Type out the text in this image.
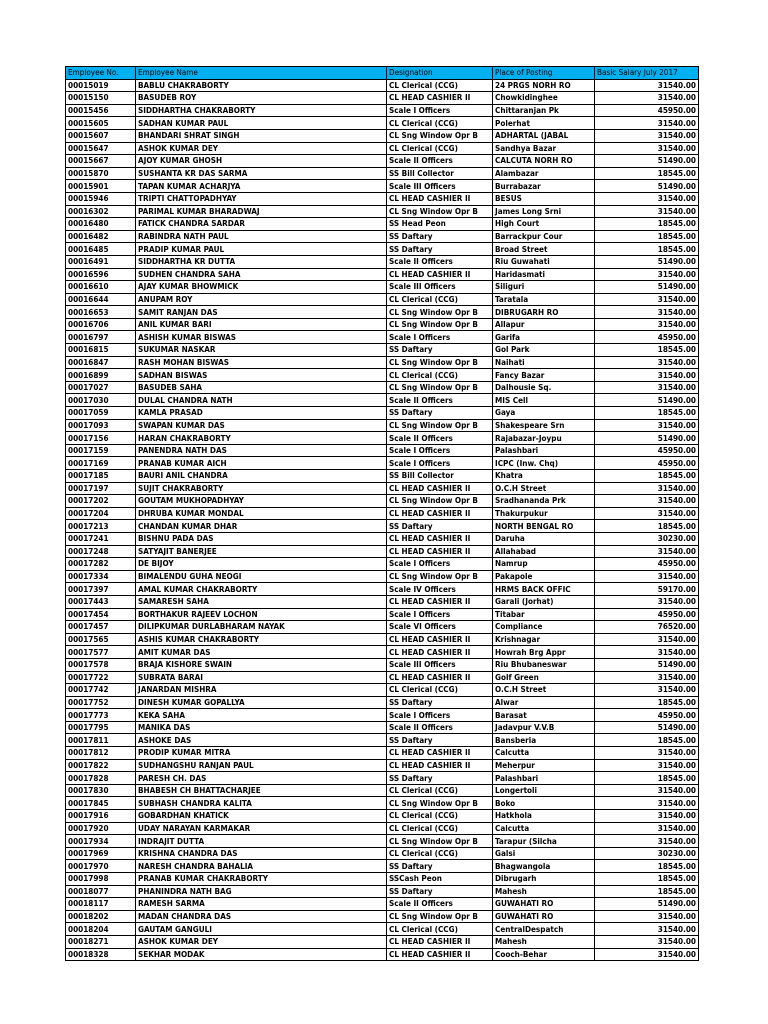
Employee No.	Employee Name	Designation	Place of Posting	Basic Salary July 2017
00015019	BABLU CHAKRABORTY	CL Clerical (CCG)	24 PRGS NORH RO	31540.00
00015150	BASUDEB ROY	CL HEAD CASHIER II	Chowkidinghee	31540.00
00015456	SIDDHARTHA CHAKRABORTY	Scale I Officers	Chittaranjan Pk	45950.00
00015605	SADHAN KUMAR PAUL	CL Clerical (CCG)	Polerhat	31540.00
00015607	BHANDARI SHRAT SINGH	CL Sng Window Opr B	ADHARTAL (JABAL	31540.00
00015647	ASHOK KUMAR DEY	CL Clerical (CCG)	Sandhya Bazar	31540.00
00015667	AJOY KUMAR GHOSH	Scale II Officers	CALCUTA NORH RO	51490.00
00015870	SUSHANTA KR DAS SARMA	SS Bill Collector	Alambazar	18545.00
00015901	TAPAN KUMAR ACHARJYA	Scale III Officers	Burrabazar	51490.00
00015946	TRIPTI CHATTOPADHYAY	CL HEAD CASHIER II	BESUS	31540.00
00016302	PARIMAL KUMAR BHARADWAJ	CL Sng Window Opr B	James Long Srni	31540.00
00016480	FATICK CHANDRA SARDAR	SS Head Peon	High Court	18545.00
00016482	RABINDRA NATH PAUL	SS Daftary	Barrackpur Cour	18545.00
00016485	PRADIP KUMAR PAUL	SS Daftary	Broad Street	18545.00
00016491	SIDDHARTHA KR DUTTA	Scale II Officers	Riu Guwahati	51490.00
00016596	SUDHEN CHANDRA SAHA	CL HEAD CASHIER II	Haridasmati	31540.00
00016610	AJAY KUMAR BHOWMICK	Scale III Officers	Siliguri	51490.00
00016644	ANUPAM ROY	CL Clerical (CCG)	Taratala	31540.00
00016653	SAMIT RANJAN DAS	CL Sng Window Opr B	DIBRUGARH RO	31540.00
00016706	ANIL KUMAR BARI	CL Sng Window Opr B	Allapur	31540.00
00016797	ASHISH KUMAR BISWAS	Scale I Officers	Garifa	45950.00
00016815	SUKUMAR NASKAR	SS Daftary	Gol Park	18545.00
00016847	RASH MOHAN BISWAS	CL Sng Window Opr B	Naihati	31540.00
00016899	SADHAN BISWAS	CL Clerical (CCG)	Fancy Bazar	31540.00
00017027	BASUDEB SAHA	CL Sng Window Opr B	Dalhousie Sq.	31540.00
00017030	DULAL CHANDRA NATH	Scale II Officers	MIS Cell	51490.00
00017059	KAMLA PRASAD	SS Daftary	Gaya	18545.00
00017093	SWAPAN KUMAR DAS	CL Sng Window Opr B	Shakespeare Srn	31540.00
00017156	HARAN CHAKRABORTY	Scale II Officers	Rajabazar-Joypu	51490.00
00017159	PANENDRA NATH DAS	Scale I Officers	Palashbari	45950.00
00017169	PRANAB KUMAR AICH	Scale I Officers	ICPC (Inw. Chq)	45950.00
00017185	BAURI ANIL CHANDRA	SS Bill Collector	Khatra	18545.00
00017197	SUJIT CHAKRABORTY	CL HEAD CASHIER II	O.C.H Street	31540.00
00017202	GOUTAM MUKHOPADHYAY	CL Sng Window Opr B	Sradhananda Prk	31540.00
00017204	DHRUBA KUMAR MONDAL	CL HEAD CASHIER II	Thakurpukur	31540.00
00017213	CHANDAN KUMAR DHAR	SS Daftary	NORTH BENGAL RO	18545.00
00017241	BISHNU PADA DAS	CL HEAD CASHIER II	Daruha	30230.00
00017248	SATYAJIT BANERJEE	CL HEAD CASHIER II	Allahabad	31540.00
00017282	DE BIJOY	Scale I Officers	Namrup	45950.00
00017334	BIMALENDU GUHA NEOGI	CL Sng Window Opr B	Pakapole	31540.00
00017397	AMAL KUMAR CHAKRABORTY	Scale IV Officers	HRMS BACK OFFIC	59170.00
00017443	SAMARESH SAHA	CL HEAD CASHIER II	Garali (Jorhat)	31540.00
00017454	BORTHAKUR RAJEEV LOCHON	Scale I Officers	Titabar	45950.00
00017457	DILIPKUMAR DURLABHARAM NAYAK	Scale VI Officers	Compliance	76520.00
00017565	ASHIS KUMAR CHAKRABORTY	CL HEAD CASHIER II	Krishnagar	31540.00
00017577	AMIT KUMAR DAS	CL HEAD CASHIER II	Howrah Brg Appr	31540.00
00017578	BRAJA KISHORE SWAIN	Scale III Officers	Riu Bhubaneswar	51490.00
00017722	SUBRATA BARAI	CL HEAD CASHIER II	Golf Green	31540.00
00017742	JANARDAN MISHRA	CL Clerical (CCG)	O.C.H Street	31540.00
00017752	DINESH KUMAR GOPALLYA	SS Daftary	Alwar	18545.00
00017773	KEKA SAHA	Scale I Officers	Barasat	45950.00
00017795	MANIKA DAS	Scale II Officers	Jadavpur V.V.B	51490.00
00017811	ASHOKE DAS	SS Daftary	Bansberia	18545.00
00017812	PRODIP KUMAR MITRA	CL HEAD CASHIER II	Calcutta	31540.00
00017822	SUDHANGSHU RANJAN PAUL	CL HEAD CASHIER II	Meherpur	31540.00
00017828	PARESH CH. DAS	SS Daftary	Palashbari	18545.00
00017830	BHABESH CH BHATTACHARJEE	CL Clerical (CCG)	Longertoli	31540.00
00017845	SUBHASH CHANDRA KALITA	CL Sng Window Opr B	Boko	31540.00
00017916	GOBARDHAN KHATICK	CL Clerical (CCG)	Hatkhola	31540.00
00017920	UDAY NARAYAN KARMAKAR	CL Clerical (CCG)	Calcutta	31540.00
00017934	INDRAJIT DUTTA	CL Sng Window Opr B	Tarapur (Silcha	31540.00
00017969	KRISHNA CHANDRA DAS	CL Clerical (CCG)	Galsi	30230.00
00017970	NARESH CHANDRA BAHALIA	SS Daftary	Bhagwangola	18545.00
00017998	PRANAB KUMAR CHAKRABORTY	SSCash Peon	Dibrugarh	18545.00
00018077	PHANINDRA NATH BAG	SS Daftary	Mahesh	18545.00
00018117	RAMESH SARMA	Scale II Officers	GUWAHATI RO	51490.00
00018202	MADAN CHANDRA DAS	CL Sng Window Opr B	GUWAHATI RO	31540.00
00018204	GAUTAM GANGULI	CL Clerical (CCG)	CentralDespatch	31540.00
00018271	ASHOK KUMAR DEY	CL HEAD CASHIER II	Mahesh	31540.00
00018328	SEKHAR MODAK	CL HEAD CASHIER II	Cooch-Behar	31540.00
